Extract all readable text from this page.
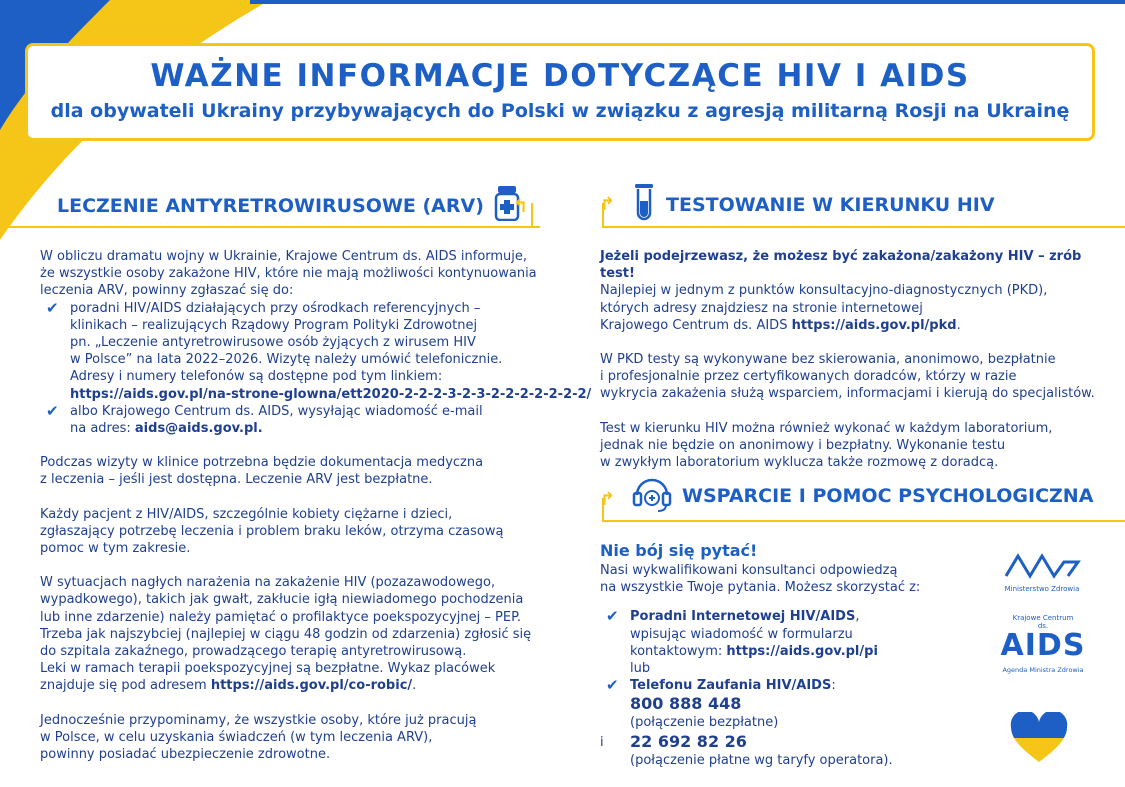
WAŻNE INFORMACJE DOTYCZĄCE HIV I AIDS
dla obywateli Ukrainy przybywających do Polski w związku z agresją militarną Rosji na Ukrainę
LECZENIE ANTYRETROWIRUSOWE (ARV) ↰	↱	TESTOWANIE W KIERUNKU HIV
↱	WSPARCIE I POMOC PSYCHOLOGICZNA

W obliczu dramatu wojny w Ukrainie, Krajowe Centrum ds. AIDS informuje,

że wszystkie osoby zakażone HIV, które nie mają możliwości kontynuowania

leczenia ARV, powinny zgłaszać się do:

✔ poradni HIV/AIDS działających przy ośrodkach referencyjnych –

klinikach – realizujących Rządowy Program Polityki Zdrowotnej

pn. „Leczenie antyretrowirusowe osób żyjących z wirusem HIV

w Polsce” na lata 2022–2026. Wizytę należy umówić telefonicznie.

Adresy i numery telefonów są dostępne pod tym linkiem:

https://aids.gov.pl/na-strone-glowna/ett2020-2-2-2-3-2-3-2-2-2-2-2-2-2/

✔ albo Krajowego Centrum ds. AIDS, wysyłając wiadomość e-mail

na adres: aids@aids.gov.pl.

Podczas wizyty w klinice potrzebna będzie dokumentacja medyczna

z leczenia – jeśli jest dostępna. Leczenie ARV jest bezpłatne.

Każdy pacjent z HIV/AIDS, szczególnie kobiety ciężarne i dzieci,

zgłaszający potrzebę leczenia i problem braku leków, otrzyma czasową

pomoc w tym zakresie.

W sytuacjach nagłych narażenia na zakażenie HIV (pozazawodowego,

wypadkowego), takich jak gwałt, zakłucie igłą niewiadomego pochodzenia

lub inne zdarzenie) należy pamiętać o profilaktyce poekspozycyjnej – PEP.

Trzeba jak najszybciej (najlepiej w ciągu 48 godzin od zdarzenia) zgłosić się

do szpitala zakaźnego, prowadzącego terapię antyretrowirusową.

Leki w ramach terapii poekspozycyjnej są bezpłatne. Wykaz placówek

znajduje się pod adresem https://aids.gov.pl/co-robic/.

Jednocześnie przypominamy, że wszystkie osoby, które już pracują

w Polsce, w celu uzyskania świadczeń (w tym leczenia ARV),

powinny posiadać ubezpieczenie zdrowotne.

Jeżeli podejrzewasz, że możesz być zakażona/zakażony HIV – zrób test!

Najlepiej w jednym z punktów konsultacyjno-diagnostycznych (PKD),

których adresy znajdziesz na stronie internetowej

Krajowego Centrum ds. AIDS https://aids.gov.pl/pkd.

W PKD testy są wykonywane bez skierowania, anonimowo, bezpłatnie

i profesjonalnie przez certyfikowanych doradców, którzy w razie

wykrycia zakażenia służą wsparciem, informacjami i kierują do specjalistów.

Test w kierunku HIV można również wykonać w każdym laboratorium,

jednak nie będzie on anonimowy i bezpłatny. Wykonanie testu

w zwykłym laboratorium wyklucza także rozmowę z doradcą.

Nie bój się pytać!

Nasi wykwalifikowani konsultanci odpowiedzą

na wszystkie Twoje pytania. Możesz skorzystać z:

✔ Poradni Internetowej HIV/AIDS,

wpisując wiadomość w formularzu

kontaktowym: https://aids.gov.pl/pi

lub

✔ Telefonu Zaufania HIV/AIDS:

800 888 448

(połączenie bezpłatne)

i 22 692 82 26

(połączenie płatne wg taryfy operatora).

Ministerstwo Zdrowia
Krajowe Centrum
ds.
AIDS
Agenda Ministra Zdrowia
